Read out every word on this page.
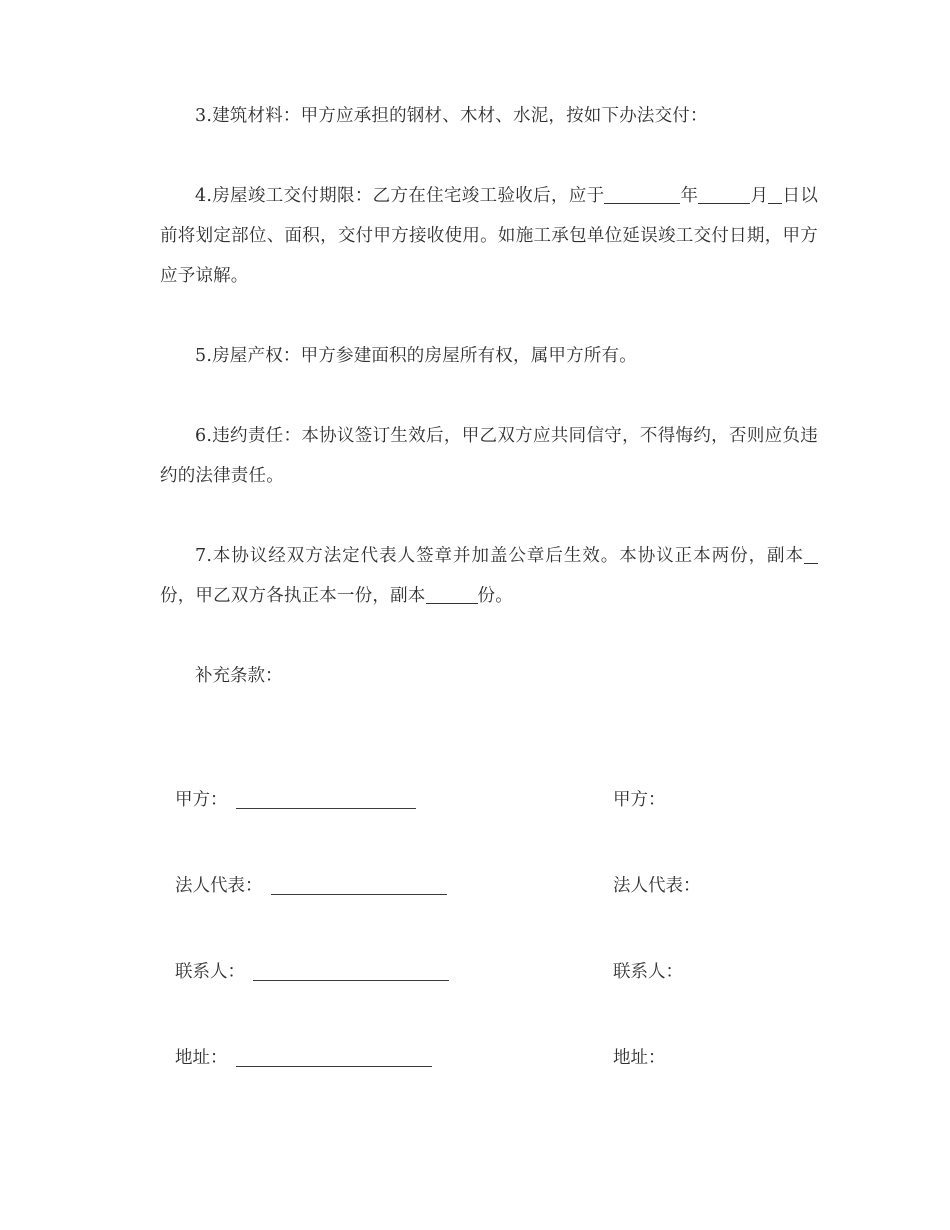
3.建筑材料：甲方应承担的钢材、木材、水泥，按如下办法交付：

4.房屋竣工交付期限：乙方在住宅竣工验收后，应于	年	月 日以前将划定部位、面积，交付甲方接收使用。如施工承包单位延误竣工交付日期，甲方应予谅解。

5.房屋产权：甲方参建面积的房屋所有权，属甲方所有。

6.违约责任：本协议签订生效后，甲乙双方应共同信守，不得悔约，否则应负违约的法律责任。

7.本协议经双方法定代表人签章并加盖公章后生效。本协议正本两份，副本份，甲乙双方各执正本一份，副本	份。

补充条款：

甲方：	甲方：
法人代表：	法人代表：
联系人：	联系人：
地址：	地址：
